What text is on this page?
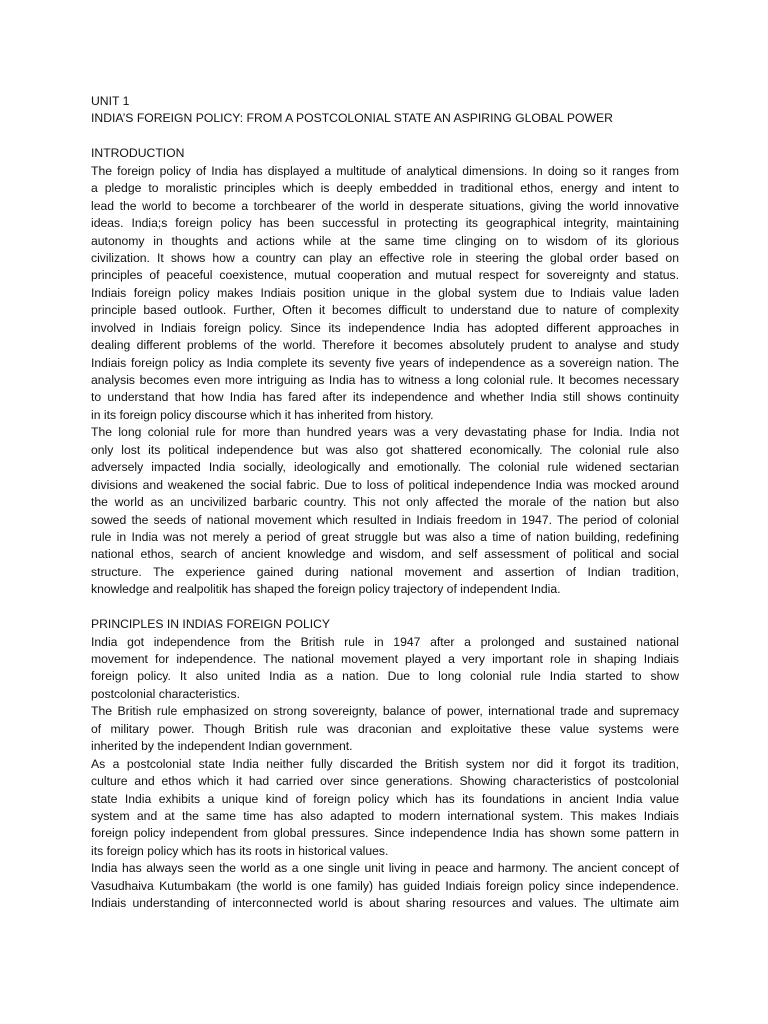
UNIT 1
INDIA’S FOREIGN POLICY: FROM A POSTCOLONIAL STATE AN ASPIRING GLOBAL POWER
INTRODUCTION
The foreign policy of India has displayed a multitude of analytical dimensions. In doing so it ranges from
a pledge to moralistic principles which is deeply embedded in traditional ethos, energy and intent to
lead the world to become a torchbearer of the world in desperate situations, giving the world innovative
ideas. India;s foreign policy has been successful in protecting its geographical integrity, maintaining
autonomy in thoughts and actions while at the same time clinging on to wisdom of its glorious
civilization. It shows how a country can play an effective role in steering the global order based on
principles of peaceful coexistence, mutual cooperation and mutual respect for sovereignty and status.
Indiais foreign policy makes Indiais position unique in the global system due to Indiais value laden
principle based outlook. Further, Often it becomes difficult to understand due to nature of complexity
involved in Indiais foreign policy. Since its independence India has adopted different approaches in
dealing different problems of the world. Therefore it becomes absolutely prudent to analyse and study
Indiais foreign policy as India complete its seventy five years of independence as a sovereign nation. The
analysis becomes even more intriguing as India has to witness a long colonial rule. It becomes necessary
to understand that how India has fared after its independence and whether India still shows continuity
in its foreign policy discourse which it has inherited from history.
The long colonial rule for more than hundred years was a very devastating phase for India. India not
only lost its political independence but was also got shattered economically. The colonial rule also
adversely impacted India socially, ideologically and emotionally. The colonial rule widened sectarian
divisions and weakened the social fabric. Due to loss of political independence India was mocked around
the world as an uncivilized barbaric country. This not only affected the morale of the nation but also
sowed the seeds of national movement which resulted in Indiais freedom in 1947. The period of colonial
rule in India was not merely a period of great struggle but was also a time of nation building, redefining
national ethos, search of ancient knowledge and wisdom, and self assessment of political and social
structure. The experience gained during national movement and assertion of Indian tradition,
knowledge and realpolitik has shaped the foreign policy trajectory of independent India.
PRINCIPLES IN INDIAS FOREIGN POLICY
India got independence from the British rule in 1947 after a prolonged and sustained national
movement for independence. The national movement played a very important role in shaping Indiais
foreign policy. It also united India as a nation. Due to long colonial rule India started to show
postcolonial characteristics.
The British rule emphasized on strong sovereignty, balance of power, international trade and supremacy
of military power. Though British rule was draconian and exploitative these value systems were
inherited by the independent Indian government.
As a postcolonial state India neither fully discarded the British system nor did it forgot its tradition,
culture and ethos which it had carried over since generations. Showing characteristics of postcolonial
state India exhibits a unique kind of foreign policy which has its foundations in ancient India value
system and at the same time has also adapted to modern international system. This makes Indiais
foreign policy independent from global pressures. Since independence India has shown some pattern in
its foreign policy which has its roots in historical values.
India has always seen the world as a one single unit living in peace and harmony. The ancient concept of
Vasudhaiva Kutumbakam (the world is one family) has guided Indiais foreign policy since independence.
Indiais understanding of interconnected world is about sharing resources and values. The ultimate aim
